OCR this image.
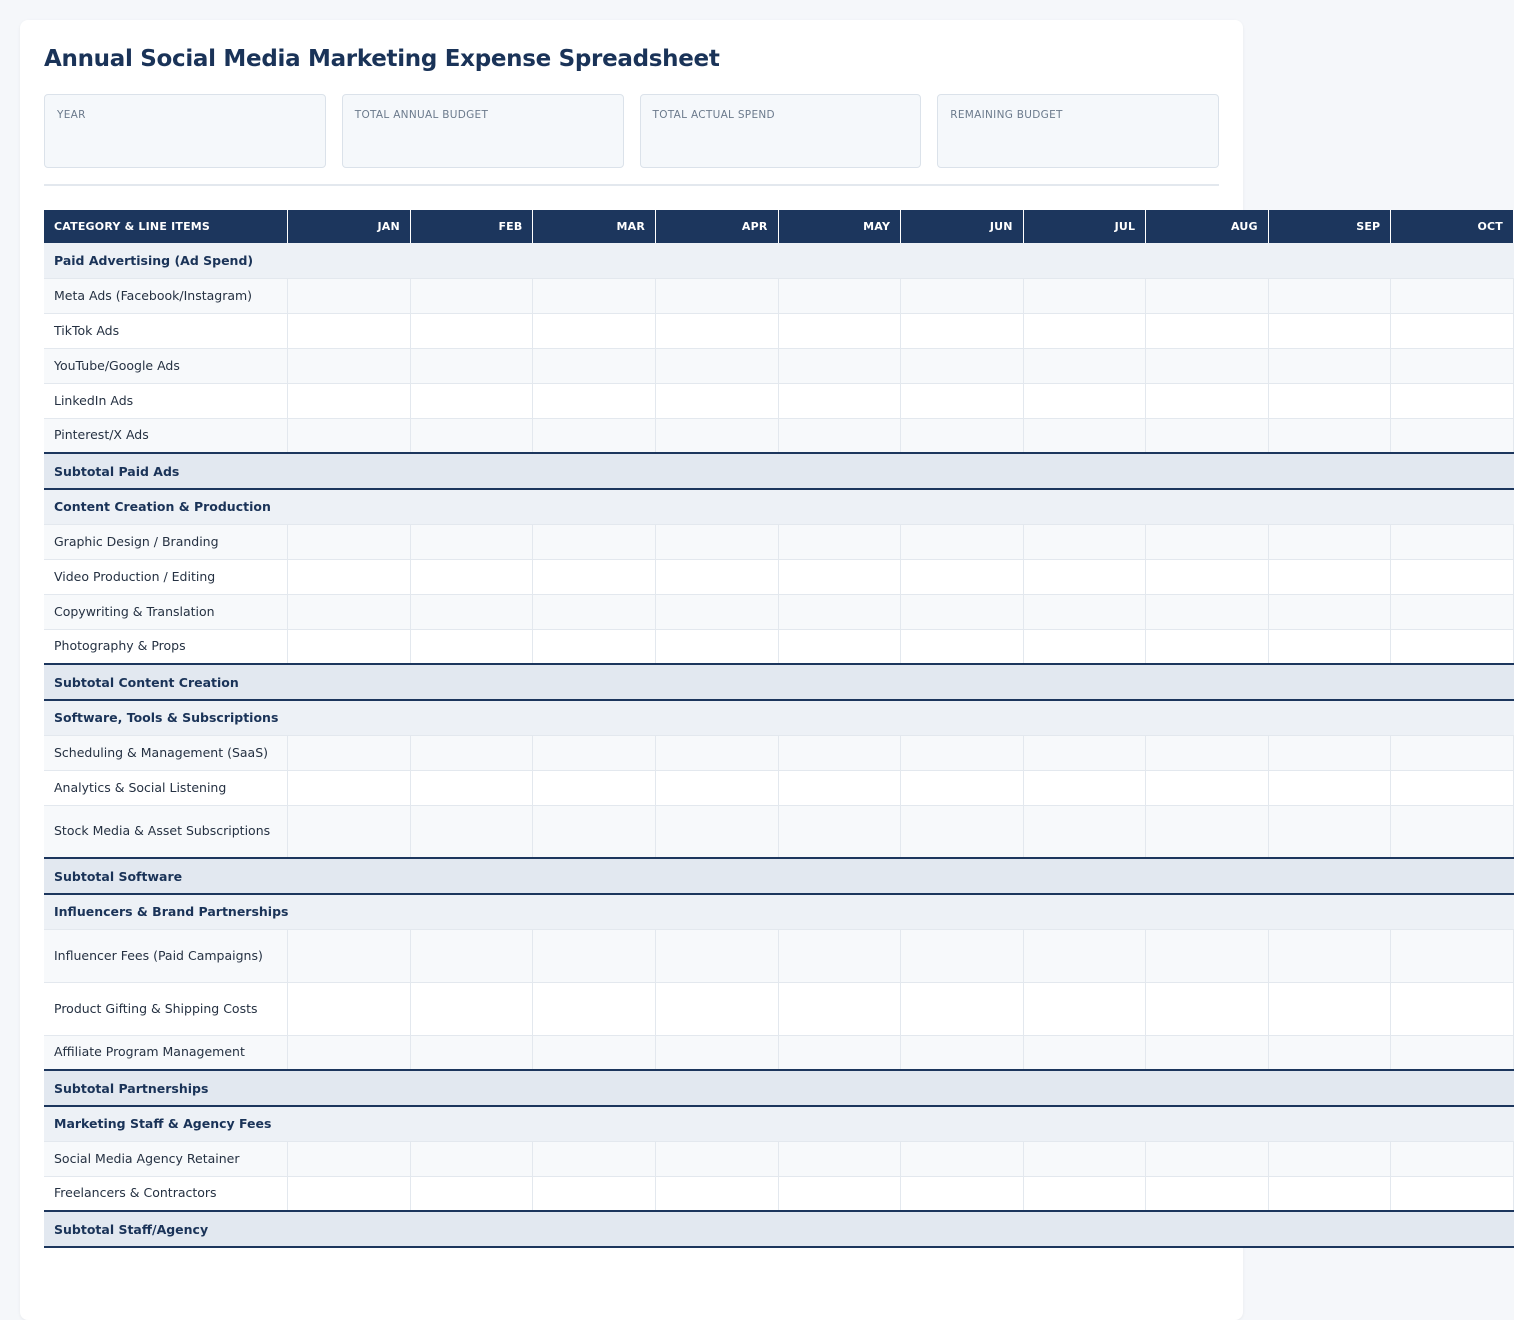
Annual Social Media Marketing Expense Spreadsheet
YEAR	TOTAL ANNUAL BUDGET	TOTAL ACTUAL SPEND	REMAINING BUDGET
CATEGORY & LINE ITEMS	JAN	FEB	MAR	APR	MAY	JUN	JUL	AUG	SEP	OCT
Paid Advertising (Ad Spend)										
Meta Ads (Facebook/Instagram)										
TikTok Ads										
YouTube/Google Ads										
LinkedIn Ads										
Pinterest/X Ads										
Subtotal Paid Ads										
Content Creation & Production										
Graphic Design / Branding										
Video Production / Editing										
Copywriting & Translation										
Photography & Props										
Subtotal Content Creation										
Software, Tools & Subscriptions										
Scheduling & Management (SaaS)										
Analytics & Social Listening										
Stock Media & Asset Subscriptions										
Subtotal Software										
Influencers & Brand Partnerships										
Influencer Fees (Paid Campaigns)										
Product Gifting & Shipping Costs										
Affiliate Program Management										
Subtotal Partnerships										
Marketing Staff & Agency Fees										
Social Media Agency Retainer										
Freelancers & Contractors										
Subtotal Staff/Agency										
